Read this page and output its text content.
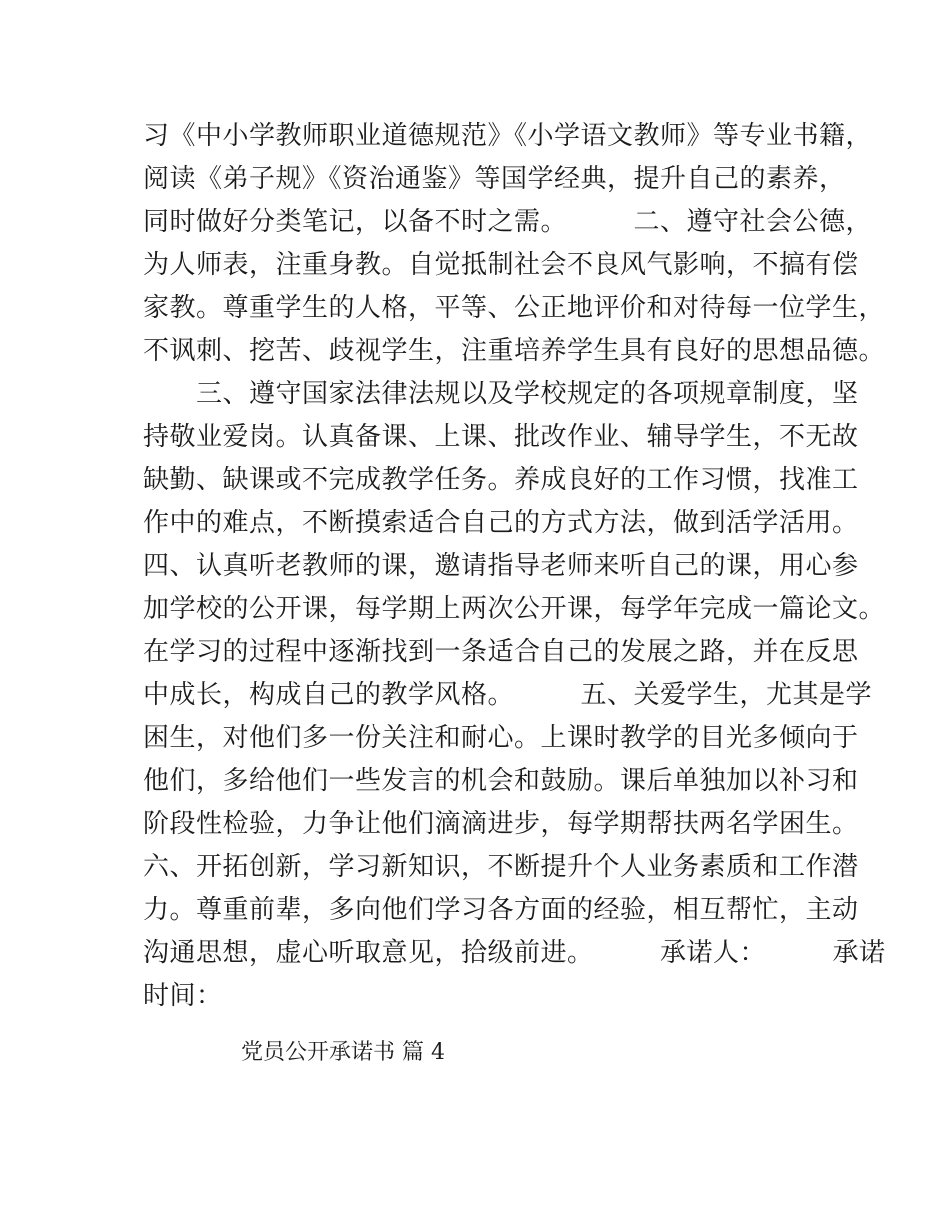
习《中小学教师职业道德规范》《小学语文教师》等专业书籍，
阅读《弟子规》《资治通鉴》等国学经典，提升自己的素养，
同时做好分类笔记，以备不时之需。　　　二、遵守社会公德，
为人师表，注重身教。自觉抵制社会不良风气影响，不搞有偿
家教。尊重学生的人格，平等、公正地评价和对待每一位学生，
不讽刺、挖苦、歧视学生，注重培养学生具有良好的思想品德。
　　三、遵守国家法律法规以及学校规定的各项规章制度，坚
持敬业爱岗。认真备课、上课、批改作业、辅导学生，不无故
缺勤、缺课或不完成教学任务。养成良好的工作习惯，找准工
作中的难点，不断摸索适合自己的方式方法，做到活学活用。
四、认真听老教师的课，邀请指导老师来听自己的课，用心参
加学校的公开课，每学期上两次公开课，每学年完成一篇论文。
在学习的过程中逐渐找到一条适合自己的发展之路，并在反思
中成长，构成自己的教学风格。　　　五、关爱学生，尤其是学
困生，对他们多一份关注和耐心。上课时教学的目光多倾向于
他们，多给他们一些发言的机会和鼓励。课后单独加以补习和
阶段性检验，力争让他们滴滴进步，每学期帮扶两名学困生。
六、开拓创新，学习新知识，不断提升个人业务素质和工作潜
力。尊重前辈，多向他们学习各方面的经验，相互帮忙，主动
沟通思想，虚心听取意见，拾级前进。　　　承诺人：　　　承诺
时间：
党员公开承诺书 篇 4
